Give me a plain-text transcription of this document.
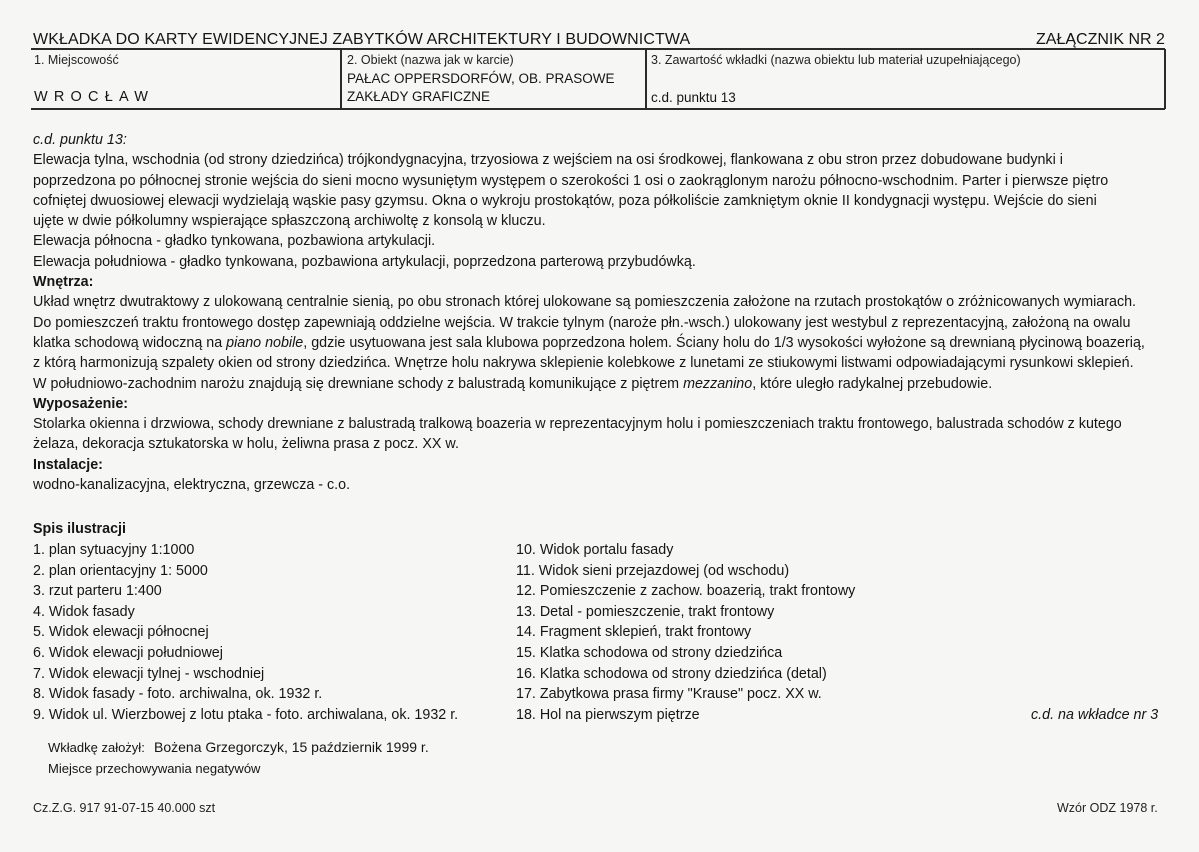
WKŁADKA DO KARTY EWIDENCYJNEJ ZABYTKÓW ARCHITEKTURY I BUDOWNICTWA	ZAŁĄCZNIK NR 2
1. Miejscowość
WROCŁAW
2. Obiekt (nazwa jak w karcie)
PAŁAC OPPERSDORFÓW, OB. PRASOWE
ZAKŁADY GRAFICZNE
3. Zawartość wkładki (nazwa obiektu lub materiał uzupełniającego)
c.d. punktu 13

c.d. punktu 13:

Elewacja tylna, wschodnia (od strony dziedzińca) trójkondygnacyjna, trzyosiowa z wejściem na osi środkowej, flankowana z obu stron przez dobudowane budynki i

poprzedzona po północnej stronie wejścia do sieni mocno wysuniętym występem o szerokości 1 osi o zaokrąglonym narożu północno-wschodnim. Parter i pierwsze piętro

cofniętej dwuosiowej elewacji wydzielają wąskie pasy gzymsu. Okna o wykroju prostokątów, poza półkoliście zamkniętym oknie II kondygnacji występu. Wejście do sieni

ujęte w dwie półkolumny wspierające spłaszczoną archiwoltę z konsolą w kluczu.

Elewacja północna - gładko tynkowana, pozbawiona artykulacji.

Elewacja południowa - gładko tynkowana, pozbawiona artykulacji, poprzedzona parterową przybudówką.

Wnętrza:

Układ wnętrz dwutraktowy z ulokowaną centralnie sienią, po obu stronach której ulokowane są pomieszczenia założone na rzutach prostokątów o zróżnicowanych wymiarach.

Do pomieszczeń traktu frontowego dostęp zapewniają oddzielne wejścia. W trakcie tylnym (naroże płn.-wsch.) ulokowany jest westybul z reprezentacyjną, założoną na owalu

klatka schodową widoczną na piano nobile, gdzie usytuowana jest sala klubowa poprzedzona holem. Ściany holu do 1/3 wysokości wyłożone są drewnianą płycinową boazerią,

z którą harmonizują szpalety okien od strony dziedzińca. Wnętrze holu nakrywa sklepienie kolebkowe z lunetami ze stiukowymi listwami odpowiadającymi rysunkowi sklepień.

W południowo-zachodnim narożu znajdują się drewniane schody z balustradą komunikujące z piętrem mezzanino, które uległo radykalnej przebudowie.

Wyposażenie:

Stolarka okienna i drzwiowa, schody drewniane z balustradą tralkową boazeria w reprezentacyjnym holu i pomieszczeniach traktu frontowego, balustrada schodów z kutego

żelaza, dekoracja sztukatorska w holu, żeliwna prasa z pocz. XX w.

Instalacje:

wodno-kanalizacyjna, elektryczna, grzewcza - c.o.

Spis ilustracji
1. plan sytuacyjny 1:1000
2. plan orientacyjny 1: 5000
3. rzut parteru 1:400
4. Widok fasady
5. Widok elewacji północnej
6. Widok elewacji południowej
7. Widok elewacji tylnej - wschodniej
8. Widok fasady - foto. archiwalna, ok. 1932 r.
9. Widok ul. Wierzbowej z lotu ptaka - foto. archiwalana, ok. 1932 r.
10. Widok portalu fasady
11. Widok sieni przejazdowej (od wschodu)
12. Pomieszczenie z zachow. boazerią, trakt frontowy
13. Detal - pomieszczenie, trakt frontowy
14. Fragment sklepień, trakt frontowy
15. Klatka schodowa od strony dziedzińca
16. Klatka schodowa od strony dziedzińca (detal)
17. Zabytkowa prasa firmy "Krause" pocz. XX w.
18. Hol na pierwszym piętrze	c.d. na wkładce nr 3
Wkładkę założył: Bożena Grzegorczyk, 15 październik 1999 r.
Miejsce przechowywania negatywów
Cz.Z.G. 917 91-07-15 40.000 szt	Wzór ODZ 1978 r.
